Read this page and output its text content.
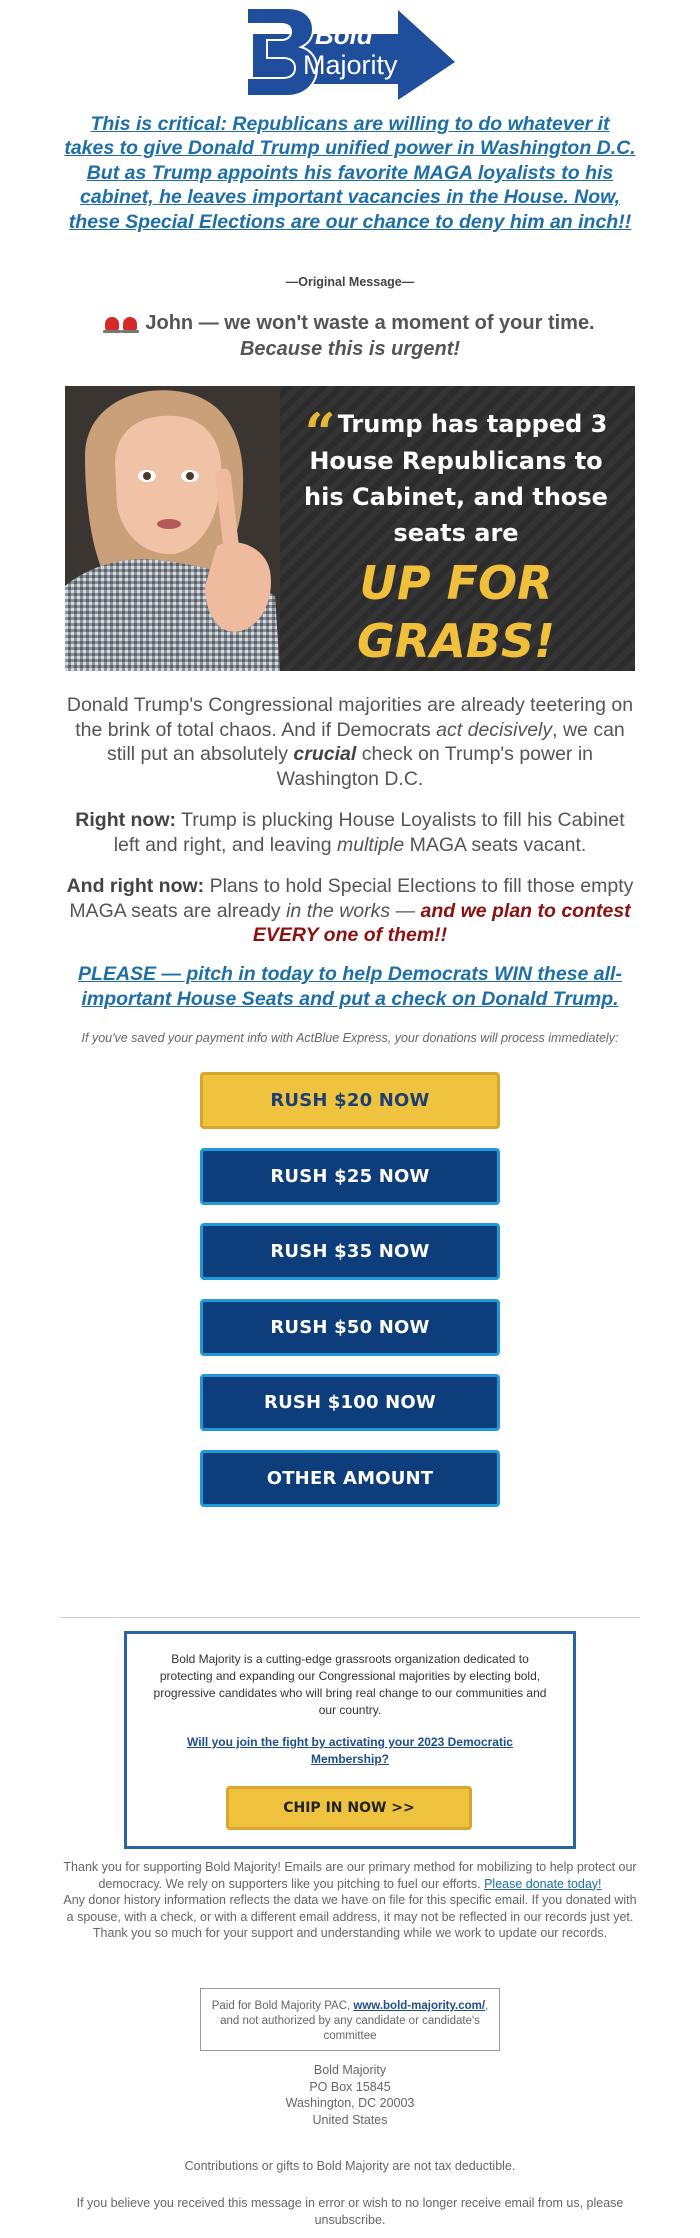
Bold
Majority

This is critical: Republicans are willing to do whatever it takes to give Donald Trump unified power in Washington D.C. But as Trump appoints his favorite MAGA loyalists to his cabinet, he leaves important vacancies in the House. Now, these Special Elections are our chance to deny him an inch!!

—Original Message—
John — we won't waste a moment of your time.
Because this is urgent!
“Trump has tapped 3 House Republicans to his Cabinet, and those seats are
UP FOR
GRABS!

Donald Trump's Congressional majorities are already teetering on the brink of total chaos. And if Democrats act decisively, we can still put an absolutely crucial check on Trump's power in Washington D.C.

Right now: Trump is plucking House Loyalists to fill his Cabinet left and right, and leaving multiple MAGA seats vacant.

And right now: Plans to hold Special Elections to fill those empty MAGA seats are already in the works — and we plan to contest EVERY one of them!!

PLEASE — pitch in today to help Democrats WIN these all-important House Seats and put a check on Donald Trump.

If you've saved your payment info with ActBlue Express, your donations will process immediately:
RUSH $20 NOW
RUSH $25 NOW
RUSH $35 NOW
RUSH $50 NOW
RUSH $100 NOW
OTHER AMOUNT
Bold Majority is a cutting-edge grassroots organization dedicated to protecting and expanding our Congressional majorities by electing bold, progressive candidates who will bring real change to our communities and our country.
Will you join the fight by activating your 2023 Democratic Membership?
CHIP IN NOW >>
Thank you for supporting Bold Majority! Emails are our primary method for mobilizing to help protect our democracy. We rely on supporters like you pitching to fuel our efforts. Please donate today!
Any donor history information reflects the data we have on file for this specific email. If you donated with a spouse, with a check, or with a different email address, it may not be reflected in our records just yet. Thank you so much for your support and understanding while we work to update our records.
Paid for Bold Majority PAC, www.bold-majority.com/, and not authorized by any candidate or candidate's committee
Bold Majority
PO Box 15845
Washington, DC 20003
United States
Contributions or gifts to Bold Majority are not tax deductible.
If you believe you received this message in error or wish to no longer receive email from us, please unsubscribe.
